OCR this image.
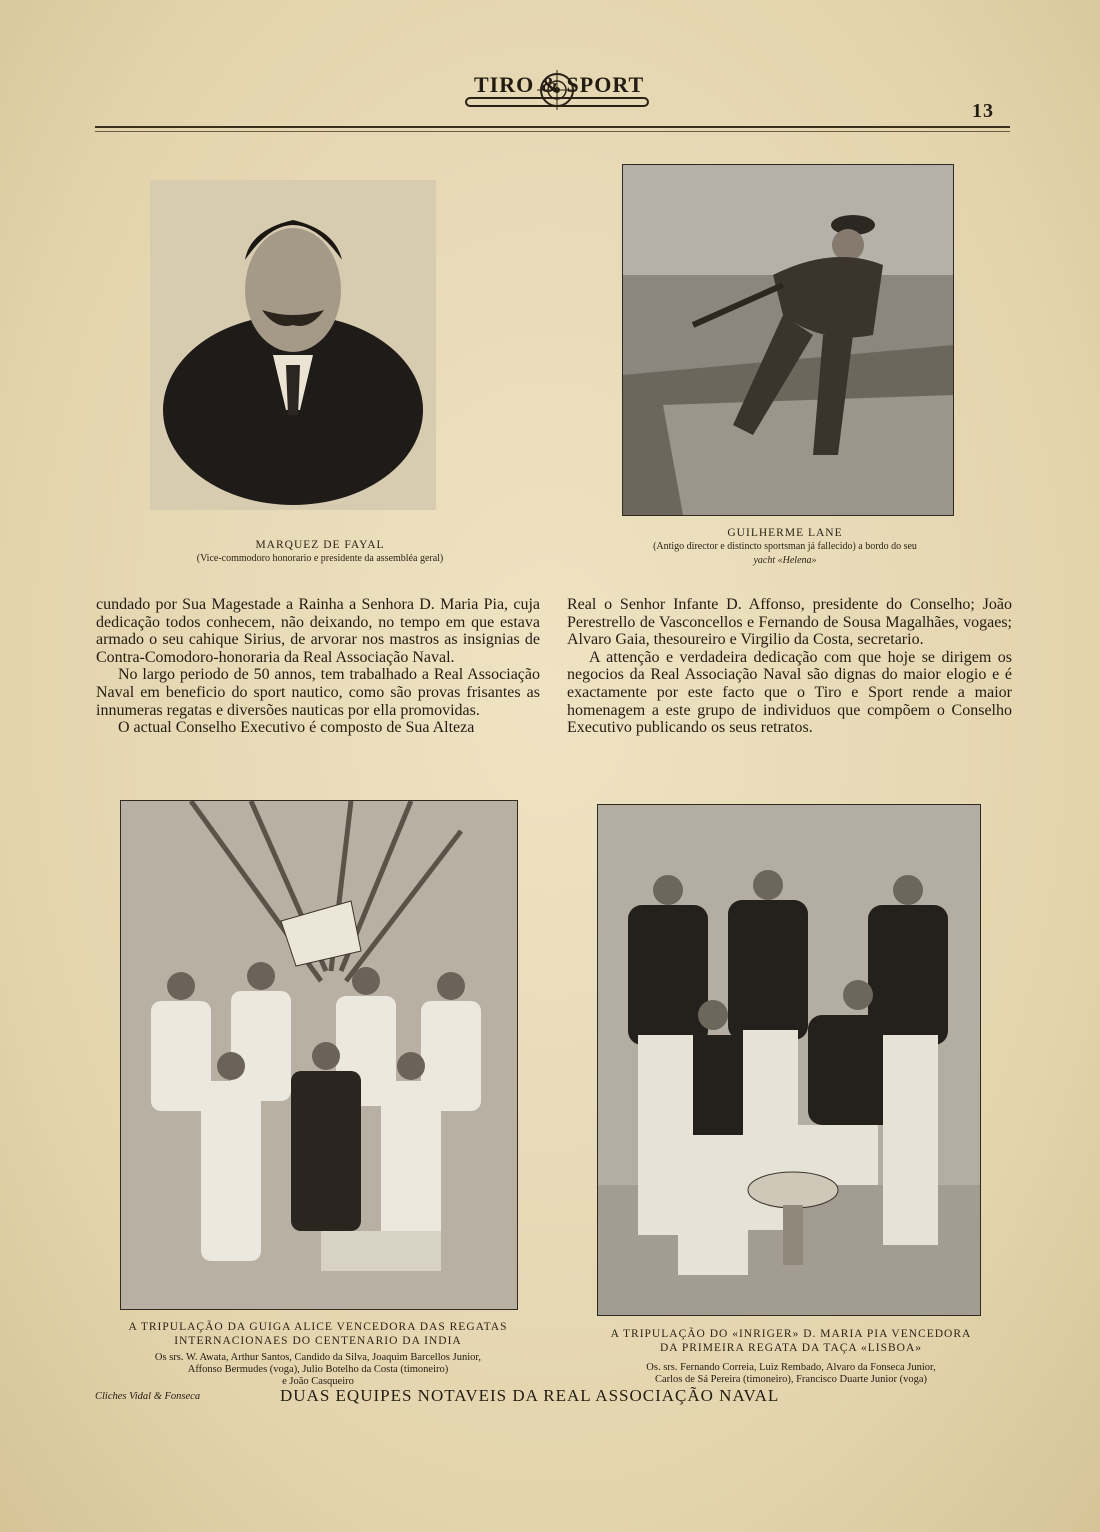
TIRO & SPORT
13
MARQUEZ DE FAYAL
(Vice-commodoro honorario e presidente da assembléa geral)
GUILHERME LANE
(Antigo director e distincto sportsman já fallecido) a bordo do seu
yacht «Helena»

cundado por Sua Magestade a Rainha a Senhora D. Maria Pia, cuja dedicação todos conhecem, não deixando, no tempo em que estava armado o seu cahique Sirius, de arvorar nos mastros as insignias de Contra-Comodoro-honoraria da Real Associação Naval.

No largo periodo de 50 annos, tem trabalhado a Real Associação Naval em beneficio do sport nautico, como são provas frisantes as innumeras regatas e diversões nauticas por ella promovidas.

O actual Conselho Executivo é composto de Sua Alteza

Real o Senhor Infante D. Affonso, presidente do Conselho; João Perestrello de Vasconcellos e Fernando de Sousa Magalhães, vogaes; Alvaro Gaia, thesoureiro e Virgilio da Costa, secretario.

A attenção e verdadeira dedicação com que hoje se dirigem os negocios da Real Associação Naval são dignas do maior elogio e é exactamente por este facto que o Tiro e Sport rende a maior homenagem a este grupo de individuos que compõem o Conselho Executivo publicando os seus retratos.

A TRIPULAÇÃO DA GUIGA ALICE VENCEDORA DAS REGATAS
INTERNACIONAES DO CENTENARIO DA INDIA
Os srs. W. Awata, Arthur Santos, Candido da Silva, Joaquim Barcellos Junior,
Affonso Bermudes (voga), Julio Botelho da Costa (timoneiro)
e João Casqueiro
A TRIPULAÇÃO DO «INRIGER» D. MARIA PIA VENCEDORA
DA PRIMEIRA REGATA DA TAÇA «LISBOA»
Os. srs. Fernando Correia, Luiz Rembado, Alvaro da Fonseca Junior,
Carlos de Sá Pereira (timoneiro), Francisco Duarte Junior (voga)
Cliches Vidal & Fonseca	DUAS EQUIPES NOTAVEIS DA REAL ASSOCIAÇÃO NAVAL
